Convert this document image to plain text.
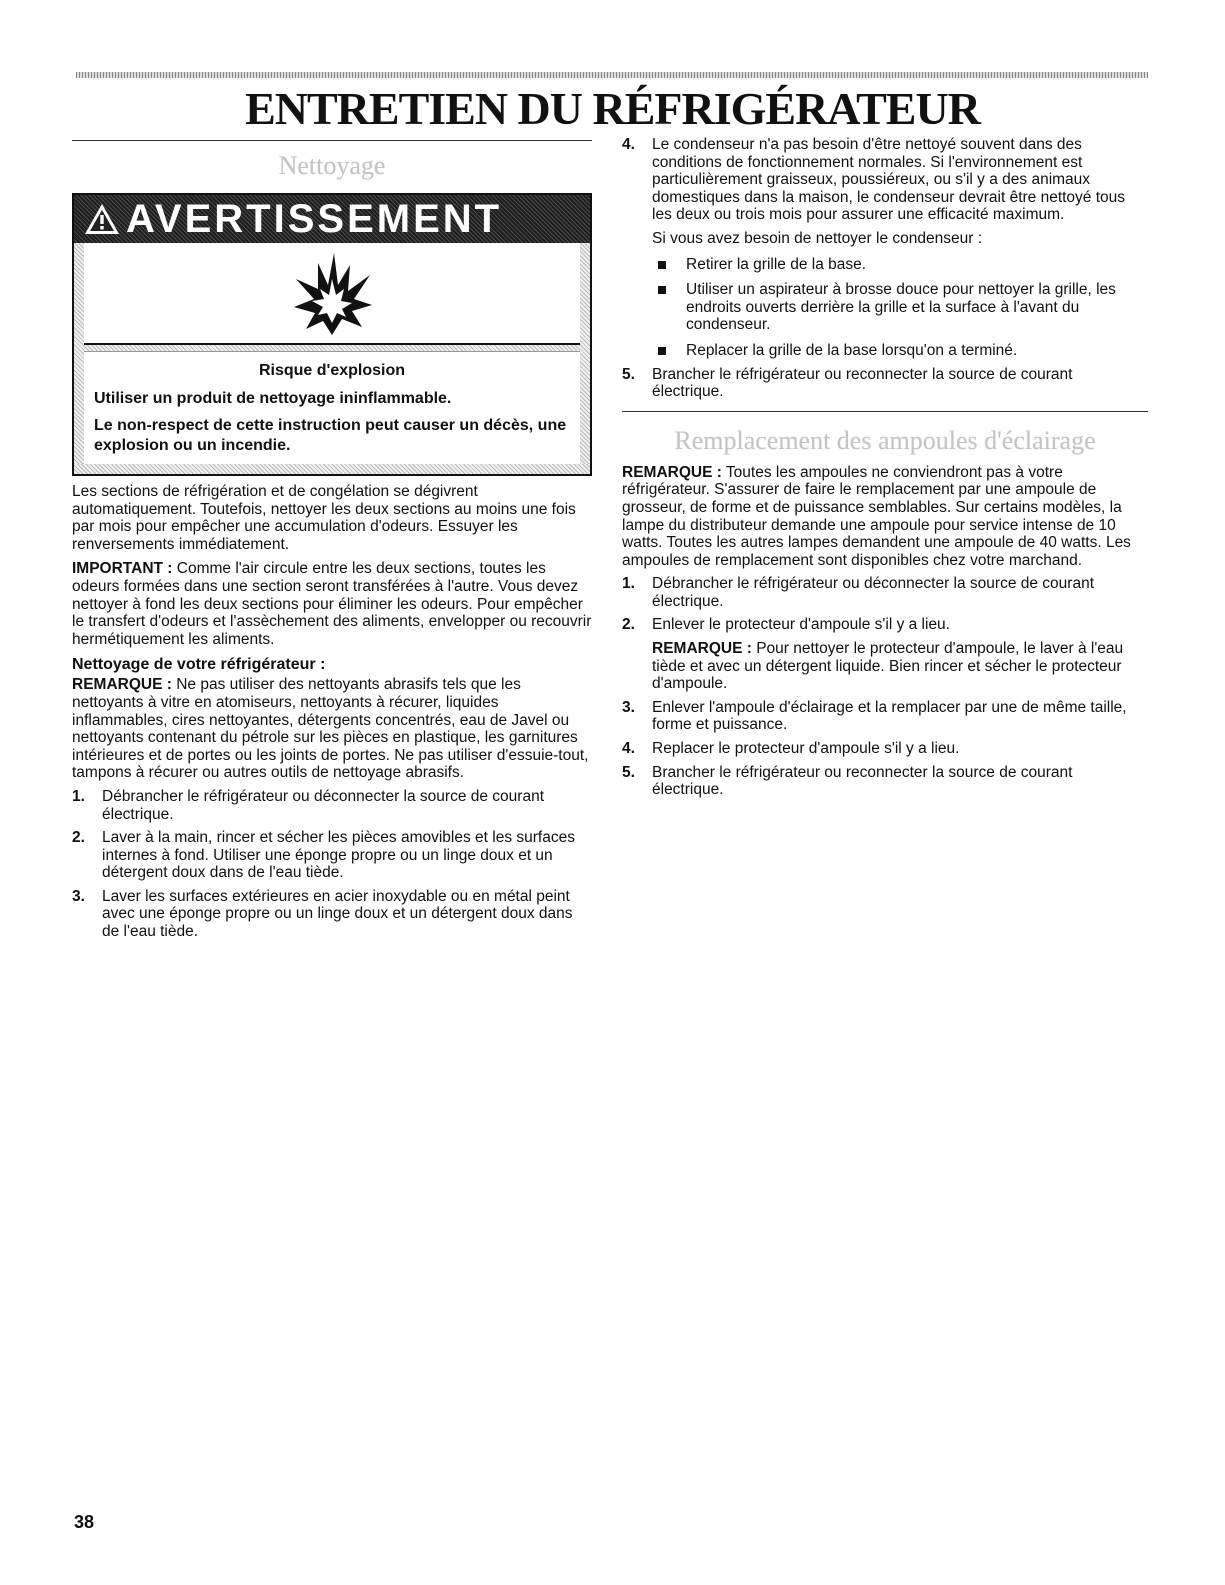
ENTRETIEN DU RÉFRIGÉRATEUR
Nettoyage
AVERTISSEMENT

Risque d'explosion

Utiliser un produit de nettoyage ininflammable.

Le non-respect de cette instruction peut causer un décès, une explosion ou un incendie.

Les sections de réfrigération et de congélation se dégivrent automatiquement. Toutefois, nettoyer les deux sections au moins une fois par mois pour empêcher une accumulation d'odeurs. Essuyer les renversements immédiatement.

IMPORTANT : Comme l'air circule entre les deux sections, toutes les odeurs formées dans une section seront transférées à l'autre. Vous devez nettoyer à fond les deux sections pour éliminer les odeurs. Pour empêcher le transfert d'odeurs et l'assèchement des aliments, envelopper ou recouvrir hermétiquement les aliments.

Nettoyage de votre réfrigérateur :

REMARQUE : Ne pas utiliser des nettoyants abrasifs tels que les nettoyants à vitre en atomiseurs, nettoyants à récurer, liquides inflammables, cires nettoyantes, détergents concentrés, eau de Javel ou nettoyants contenant du pétrole sur les pièces en plastique, les garnitures intérieures et de portes ou les joints de portes. Ne pas utiliser d'essuie-tout, tampons à récurer ou autres outils de nettoyage abrasifs.

1.	Débrancher le réfrigérateur ou déconnecter la source de courant électrique.
2.	Laver à la main, rincer et sécher les pièces amovibles et les surfaces internes à fond. Utiliser une éponge propre ou un linge doux et un détergent doux dans de l'eau tiède.
3.	Laver les surfaces extérieures en acier inoxydable ou en métal peint avec une éponge propre ou un linge doux et un détergent doux dans de l'eau tiède.
4.	Le condenseur n'a pas besoin d'être nettoyé souvent dans des conditions de fonctionnement normales. Si l'environnement est particulièrement graisseux, poussiéreux, ou s'il y a des animaux domestiques dans la maison, le condenseur devrait être nettoyé tous les deux ou trois mois pour assurer une efficacité maximum.

Si vous avez besoin de nettoyer le condenseur :

Retirer la grille de la base.
Utiliser un aspirateur à brosse douce pour nettoyer la grille, les endroits ouverts derrière la grille et la surface à l'avant du condenseur.
Replacer la grille de la base lorsqu'on a terminé.
5.	Brancher le réfrigérateur ou reconnecter la source de courant électrique.
Remplacement des ampoules d'éclairage

REMARQUE : Toutes les ampoules ne conviendront pas à votre réfrigérateur. S'assurer de faire le remplacement par une ampoule de grosseur, de forme et de puissance semblables. Sur certains modèles, la lampe du distributeur demande une ampoule pour service intense de 10 watts. Toutes les autres lampes demandent une ampoule de 40 watts. Les ampoules de remplacement sont disponibles chez votre marchand.

1.	Débrancher le réfrigérateur ou déconnecter la source de courant électrique.
2.	Enlever le protecteur d'ampoule s'il y a lieu.

REMARQUE : Pour nettoyer le protecteur d'ampoule, le laver à l'eau tiède et avec un détergent liquide. Bien rincer et sécher le protecteur d'ampoule.

3.	Enlever l'ampoule d'éclairage et la remplacer par une de même taille, forme et puissance.
4.	Replacer le protecteur d'ampoule s'il y a lieu.
5.	Brancher le réfrigérateur ou reconnecter la source de courant électrique.
38
